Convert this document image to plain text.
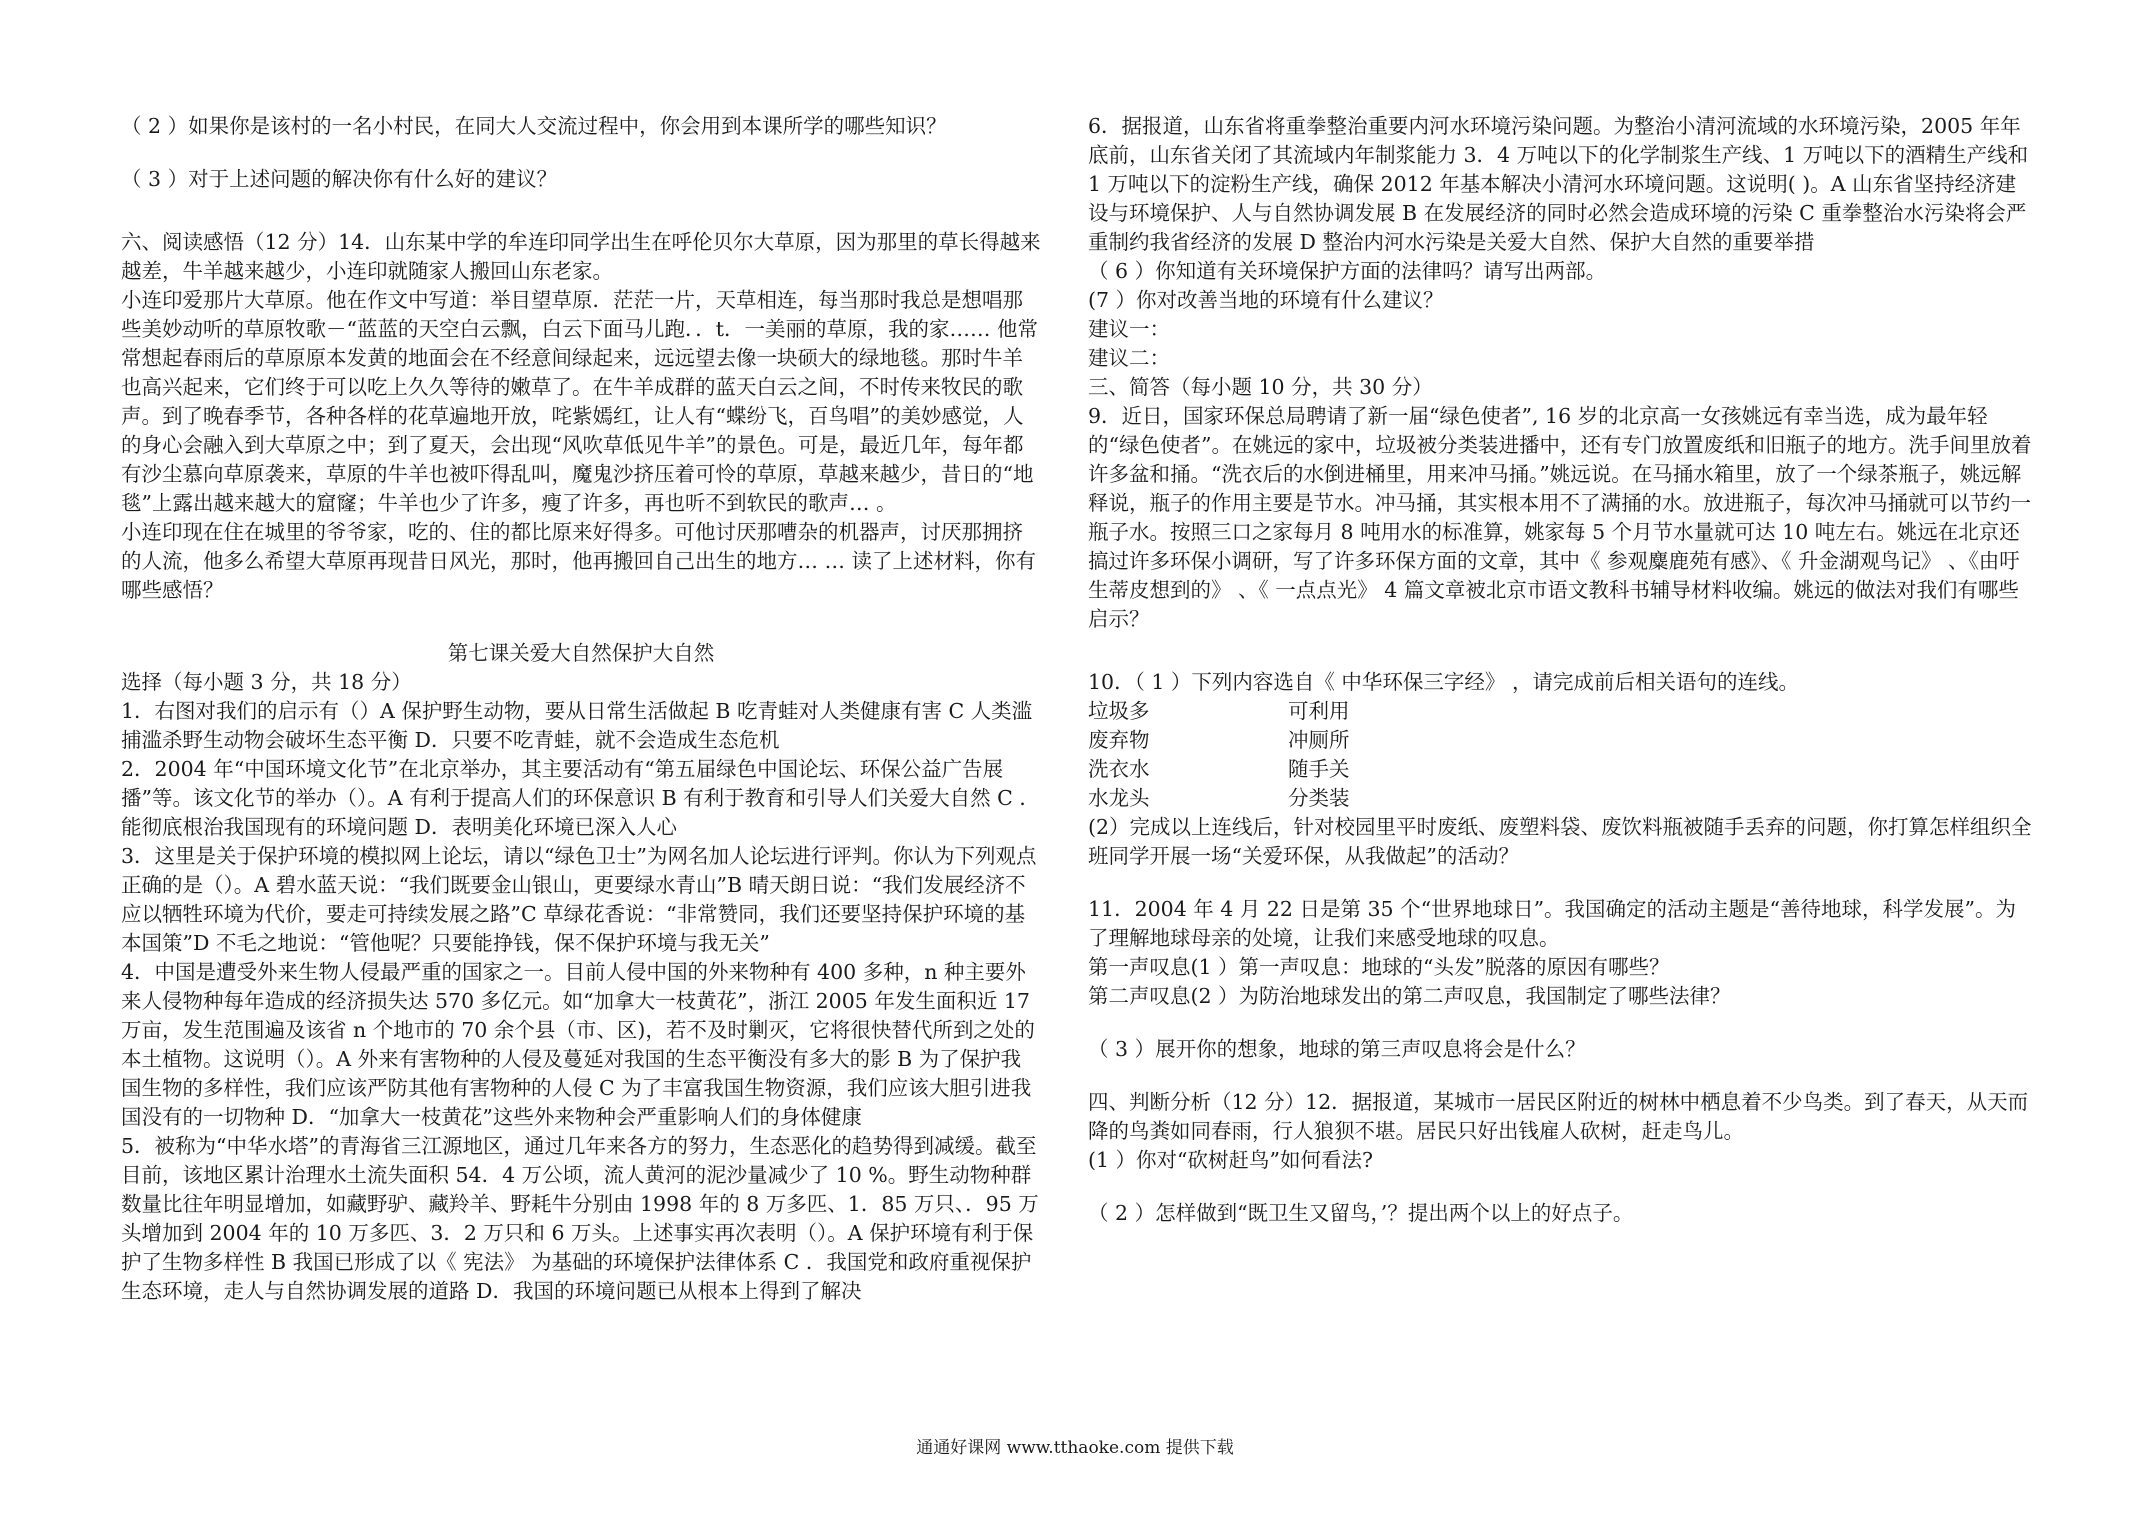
（ 2 ）如果你是该村的一名小村民，在同大人交流过程中，你会用到本课所学的哪些知识？

（ 3 ）对于上述问题的解决你有什么好的建议？

六、阅读感悟（12 分）14．山东某中学的牟连印同学出生在呼伦贝尔大草原，因为那里的草长得越来越差，牛羊越来越少，小连印就随家人搬回山东老家。

小连印爱那片大草原。他在作文中写道：举目望草原．茫茫一片，天草相连，每当那时我总是想唱那些美妙动听的草原牧歌－“蓝蓝的天空白云飘，白云下面马儿跑．．t．一美丽的草原，我的家…… 他常常想起春雨后的草原原本发黄的地面会在不经意间绿起来，远远望去像一块硕大的绿地毯。那时牛羊也高兴起来，它们终于可以吃上久久等待的嫩草了。在牛羊成群的蓝天白云之间，不时传来牧民的歌声。到了晚春季节，各种各样的花草遍地开放，咤紫嫣红，让人有“蝶纷飞，百鸟唱”的美妙感觉，人的身心会融入到大草原之中；到了夏天，会出现“风吹草低见牛羊”的景色。可是，最近几年，每年都有沙尘慕向草原袭来，草原的牛羊也被吓得乱叫，魔鬼沙挤压着可怜的草原，草越来越少，昔日的“地毯”上露出越来越大的窟窿；牛羊也少了许多，瘦了许多，再也听不到软民的歌声… 。

小连印现在住在城里的爷爷家，吃的、住的都比原来好得多。可他讨厌那嘈杂的机器声，讨厌那拥挤的人流，他多么希望大草原再现昔日风光，那时，他再搬回自己出生的地方… … 读了上述材料，你有哪些感悟？

第七课关爱大自然保护大自然

选择（每小题 3 分，共 18 分）

1．右图对我们的启示有（）A 保护野生动物，要从日常生活做起 B 吃青蛙对人类健康有害 C 人类滥捕滥杀野生动物会破坏生态平衡 D．只要不吃青蛙，就不会造成生态危机

2．2004 年“中国环境文化节”在北京举办，其主要活动有“第五届绿色中国论坛、环保公益广告展播”等。该文化节的举办（）。A 有利于提高人们的环保意识 B 有利于教育和引导人们关爱大自然 C ．能彻底根治我国现有的环境问题 D．表明美化环境已深入人心

3．这里是关于保护环境的模拟网上论坛，请以“绿色卫士”为网名加人论坛进行评判。你认为下列观点正确的是（）。A 碧水蓝天说：“我们既要金山银山，更要绿水青山”B 晴天朗日说：“我们发展经济不应以牺牲环境为代价，要走可持续发展之路”C 草绿花香说：“非常赞同，我们还要坚持保护环境的基本国策”D 不毛之地说：“管他呢？只要能挣钱，保不保护环境与我无关”

4．中国是遭受外来生物人侵最严重的国家之一。目前人侵中国的外来物种有 400 多种，n 种主要外来人侵物种每年造成的经济损失达 570 多亿元。如“加拿大一枝黄花”，浙江 2005 年发生面积近 17 万亩，发生范围遍及该省 n 个地市的 70 余个县（市、区)，若不及时剿灭，它将很快替代所到之处的本土植物。这说明（）。A 外来有害物种的人侵及蔓延对我国的生态平衡没有多大的影 B 为了保护我国生物的多样性，我们应该严防其他有害物种的人侵 C 为了丰富我国生物资源，我们应该大胆引进我国没有的一切物种 D．“加拿大一枝黄花”这些外来物种会严重影响人们的身体健康

5．被称为“中华水塔”的青海省三江源地区，通过几年来各方的努力，生态恶化的趋势得到减缓。截至目前，该地区累计治理水土流失面积 54．4 万公顷，流人黄河的泥沙量减少了 10 %。野生动物种群数量比往年明显增加，如藏野驴、藏羚羊、野耗牛分别由 1998 年的 8 万多匹、1．85 万只、．95 万头增加到 2004 年的 10 万多匹、3．2 万只和 6 万头。上述事实再次表明（）。A 保护环境有利于保护了生物多样性 B 我国已形成了以《 宪法》 为基础的环境保护法律体系 C ．我国党和政府重视保护生态环境，走人与自然协调发展的道路 D．我国的环境问题已从根本上得到了解决

6．据报道，山东省将重拳整治重要内河水环境污染问题。为整治小清河流域的水环境污染，2005 年年底前，山东省关闭了其流域内年制浆能力 3．4 万吨以下的化学制浆生产线、1 万吨以下的酒精生产线和 1 万吨以下的淀粉生产线，确保 2012 年基本解决小清河水环境问题。这说明( )。A 山东省坚持经济建设与环境保护、人与自然协调发展 B 在发展经济的同时必然会造成环境的污染 C 重拳整治水污染将会严重制约我省经济的发展 D 整治内河水污染是关爱大自然、保护大自然的重要举措

（ 6 ）你知道有关环境保护方面的法律吗？请写出两部。

(7 ）你对改善当地的环境有什么建议？

建议一：

建议二：

三、简答（每小题 10 分，共 30 分）

9．近日，国家环保总局聘请了新一届“绿色使者”, 16 岁的北京高一女孩姚远有幸当选，成为最年轻的“绿色使者”。在姚远的家中，垃圾被分类装进播中，还有专门放置废纸和旧瓶子的地方。洗手间里放着许多盆和捅。“洗衣后的水倒进桶里，用来冲马捅。”姚远说。在马捅水箱里，放了一个绿茶瓶子，姚远解释说，瓶子的作用主要是节水。冲马捅，其实根本用不了满捅的水。放进瓶子，每次冲马捅就可以节约一瓶子水。按照三口之家每月 8 吨用水的标准算，姚家每 5 个月节水量就可达 10 吨左右。姚远在北京还搞过许多环保小调研，写了许多环保方面的文章，其中《 参观麋鹿苑有感》、《 升金湖观鸟记》 、《由吁生蒂皮想到的》 、《 一点点光》 4 篇文章被北京市语文教科书辅导材料收编。姚远的做法对我们有哪些启示？

10．（ 1 ）下列内容选自《 中华环保三字经》 ，请完成前后相关语句的连线。

垃圾多	可利用
废弃物	冲厕所
洗衣水	随手关
水龙头	分类装

(2）完成以上连线后，针对校园里平时废纸、废塑料袋、废饮料瓶被随手丢弃的问题，你打算怎样组织全班同学开展一场“关爱环保，从我做起”的活动？

11．2004 年 4 月 22 日是第 35 个“世界地球日”。我国确定的活动主题是“善待地球，科学发展”。为了理解地球母亲的处境，让我们来感受地球的叹息。

第一声叹息(1 ）第一声叹息：地球的“头发”脱落的原因有哪些？

第二声叹息(2 ）为防治地球发出的第二声叹息，我国制定了哪些法律？

（ 3 ）展开你的想象，地球的第三声叹息将会是什么？

四、判断分析（12 分）12．据报道，某城市一居民区附近的树林中栖息着不少鸟类。到了春天，从天而降的鸟粪如同春雨，行人狼狈不堪。居民只好出钱雇人砍树，赶走鸟儿。

(1 ）你对“砍树赶鸟”如何看法?

（ 2 ）怎样做到“既卫生又留鸟，’？提出两个以上的好点子。

通通好课网 www.tthaoke.com 提供下载
